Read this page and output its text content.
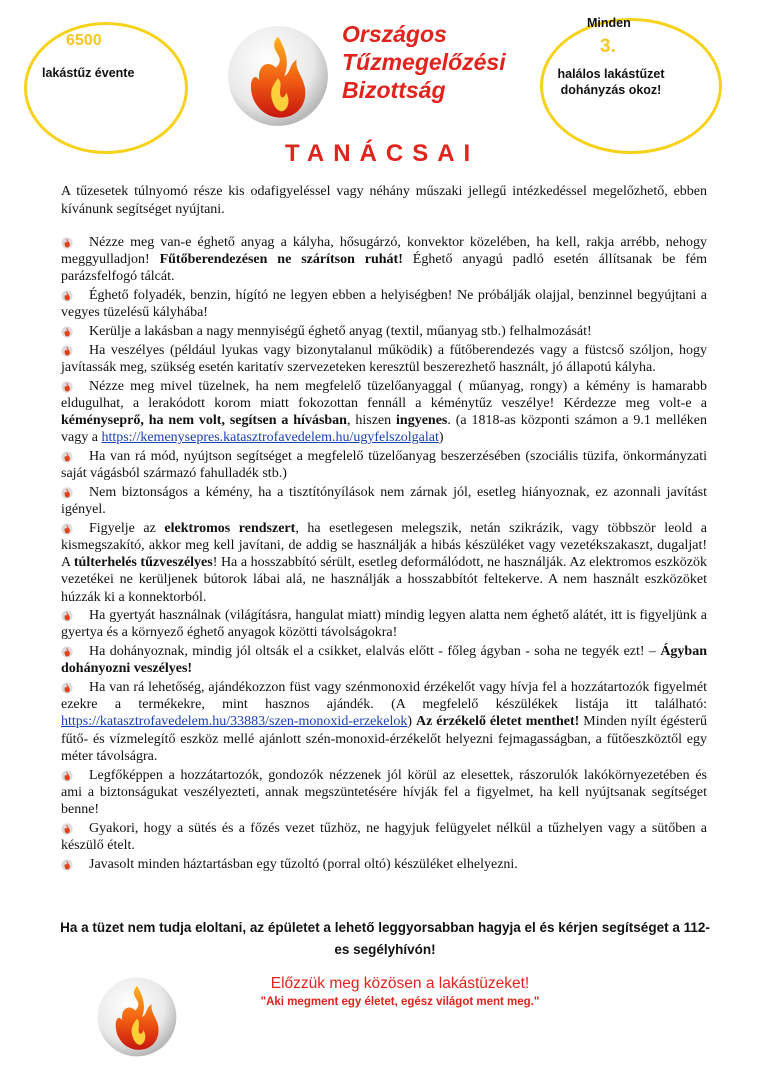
6500
lakástűz évente
Minden
3.
halálos lakástűzet dohányzás okoz!
Országos
Tűzmegelőzési
Bizottság
TANÁCSAI

A tűzesetek túlnyomó része kis odafigyeléssel vagy néhány műszaki jellegű intézkedéssel megelőzhető, ebben kívánunk segítséget nyújtani.

Nézze meg van-e éghető anyag a kályha, hősugárzó, konvektor közelében, ha kell, rakja arrébb, nehogy meggyulladjon! Fűtőberendezésen ne szárítson ruhát! Éghető anyagú padló esetén állítsanak be fém parázsfelfogó tálcát.
Éghető folyadék, benzin, hígító ne legyen ebben a helyiségben! Ne próbálják olajjal, benzinnel begyújtani a vegyes tüzelésű kályhába!
Kerülje a lakásban a nagy mennyiségű éghető anyag (textil, műanyag stb.) felhalmozását!
Ha veszélyes (például lyukas vagy bizonytalanul működik) a fűtőberendezés vagy a füstcső szóljon, hogy javítassák meg, szükség esetén karitatív szervezeteken keresztül beszerezhető használt, jó állapotú kályha.
Nézze meg mivel tüzelnek, ha nem megfelelő tüzelőanyaggal ( műanyag, rongy) a kémény is hamarabb eldugulhat, a lerakódott korom miatt fokozottan fennáll a kéménytűz veszélye! Kérdezze meg volt-e a kéményseprő, ha nem volt, segítsen a hívásban, hiszen ingyenes. (a 1818-as központi számon a 9.1 melléken vagy a https://kemenysepres.katasztrofavedelem.hu/ugyfelszolgalat)
Ha van rá mód, nyújtson segítséget a megfelelő tüzelőanyag beszerzésében (szociális tüzifa, önkormányzati saját vágásból származó fahulladék stb.)
Nem biztonságos a kémény, ha a tisztítónyílások nem zárnak jól, esetleg hiányoznak, ez azonnali javítást igényel.
Figyelje az elektromos rendszert, ha esetlegesen melegszik, netán szikrázik, vagy többször leold a kismegszakító, akkor meg kell javítani, de addig se használják a hibás készüléket vagy vezetékszakaszt, dugaljat! A túlterhelés tűzveszélyes! Ha a hosszabbító sérült, esetleg deformálódott, ne használják. Az elektromos eszközök vezetékei ne kerüljenek bútorok lábai alá, ne használják a hosszabbítót feltekerve. A nem használt eszközöket húzzák ki a konnektorból.
Ha gyertyát használnak (világításra, hangulat miatt) mindig legyen alatta nem éghető alátét, itt is figyeljünk a gyertya és a környező éghető anyagok közötti távolságokra!
Ha dohányoznak, mindig jól oltsák el a csikket, elalvás előtt - főleg ágyban - soha ne tegyék ezt! – Ágyban dohányozni veszélyes!
Ha van rá lehetőség, ajándékozzon füst vagy szénmonoxid érzékelőt vagy hívja fel a hozzátartozók figyelmét ezekre a termékekre, mint hasznos ajándék. (A megfelelő készülékek listája itt található: https://katasztrofavedelem.hu/33883/szen-monoxid-erzekelok) Az érzékelő életet menthet! Minden nyílt égésterű fűtő- és vízmelegítő eszköz mellé ajánlott szén-monoxid-érzékelőt helyezni fejmagasságban, a fűtőeszköztől egy méter távolságra.
Legfőképpen a hozzátartozók, gondozók nézzenek jól körül az elesettek, rászorulók lakókörnyezetében és ami a biztonságukat veszélyezteti, annak megszüntetésére hívják fel a figyelmet, ha kell nyújtsanak segítséget benne!
Gyakori, hogy a sütés és a főzés vezet tűzhöz, ne hagyjuk felügyelet nélkül a tűzhelyen vagy a sütőben a készülő ételt.
Javasolt minden háztartásban egy tűzoltó (porral oltó) készüléket elhelyezni.
Ha a tüzet nem tudja eloltani, az épületet a lehető leggyorsabban hagyja el és kérjen segítséget a 112-es segélyhívón!
Előzzük meg közösen a lakástüzeket!
"Aki megment egy életet, egész világot ment meg."
